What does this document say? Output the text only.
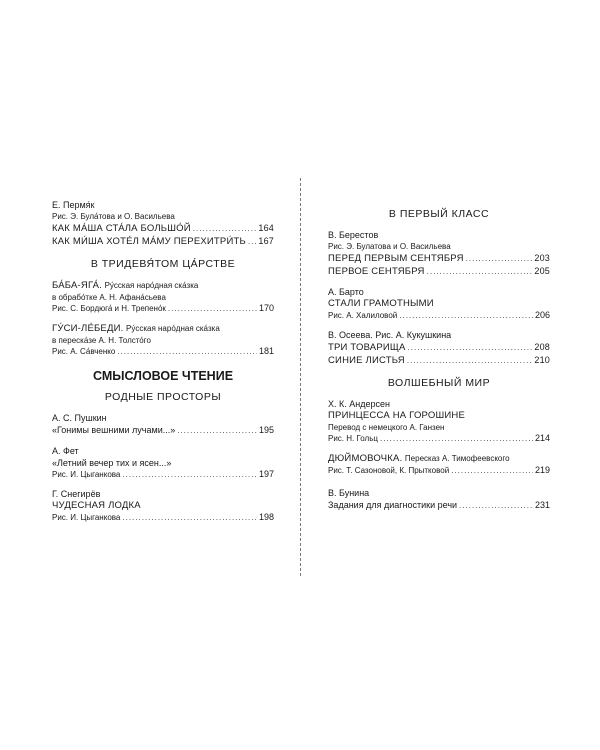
Е. Пермя́к
Рис. Э. Була́това и О. Васильева
КАК МА́ША СТА́ЛА БОЛЬШО́Й .....	164
КАК МИ́ША ХОТЕ́Л МА́МУ ПЕРЕХИТРИ́ТЬ ..... 167
В ТРИДЕВЯ́ТОМ ЦА́РСТВЕ
БА́БА-ЯГА́. Ру́сская наро́дная ска́зка
в обрабо́тке А. Н. Афана́сьева
Рис. С. Бордюга́ и Н. Трепено́к .....	170
ГУ́СИ-ЛЕ́БЕДИ. Ру́сская наро́дная ска́зка
в переска́зе А. Н. Толсто́го
Рис. А. Са́вченко .....	181
СМЫСЛОВОЕ ЧТЕНИЕ
РОДНЫЕ ПРОСТОРЫ
А. С. Пушкин
«Гонимы вешними лучами...» .....	195
А. Фет
«Летний вечер тих и ясен...»
Рис. И. Цыганкова .....	197
Г. Снегирёв
ЧУДЕСНАЯ ЛОДКА
Рис. И. Цыганкова .....	198
В ПЕРВЫЙ КЛАСС
В. Берестов
Рис. Э. Булатова и О. Васильева
ПЕРЕД ПЕРВЫМ СЕНТЯБРЯ .....	203
ПЕРВОЕ СЕНТЯБРЯ .....	205
А. Барто
СТАЛИ ГРАМОТНЫМИ
Рис. А. Халиловой .....	206
В. Осеева. Рис. А. Кукушкина
ТРИ ТОВАРИЩА .....	208
СИНИЕ ЛИСТЬЯ .....	210
ВОЛШЕБНЫЙ МИР
Х. К. Андерсен
ПРИНЦЕССА НА ГОРОШИНЕ
Перевод с немецкого А. Ганзен
Рис. Н. Гольц .....	214
ДЮЙМОВОЧКА. Пересказ А. Тимофеевского
Рис. Т. Сазоновой, К. Прытковой .....	219
В. Бунина
Задания для диагностики речи .....	231
